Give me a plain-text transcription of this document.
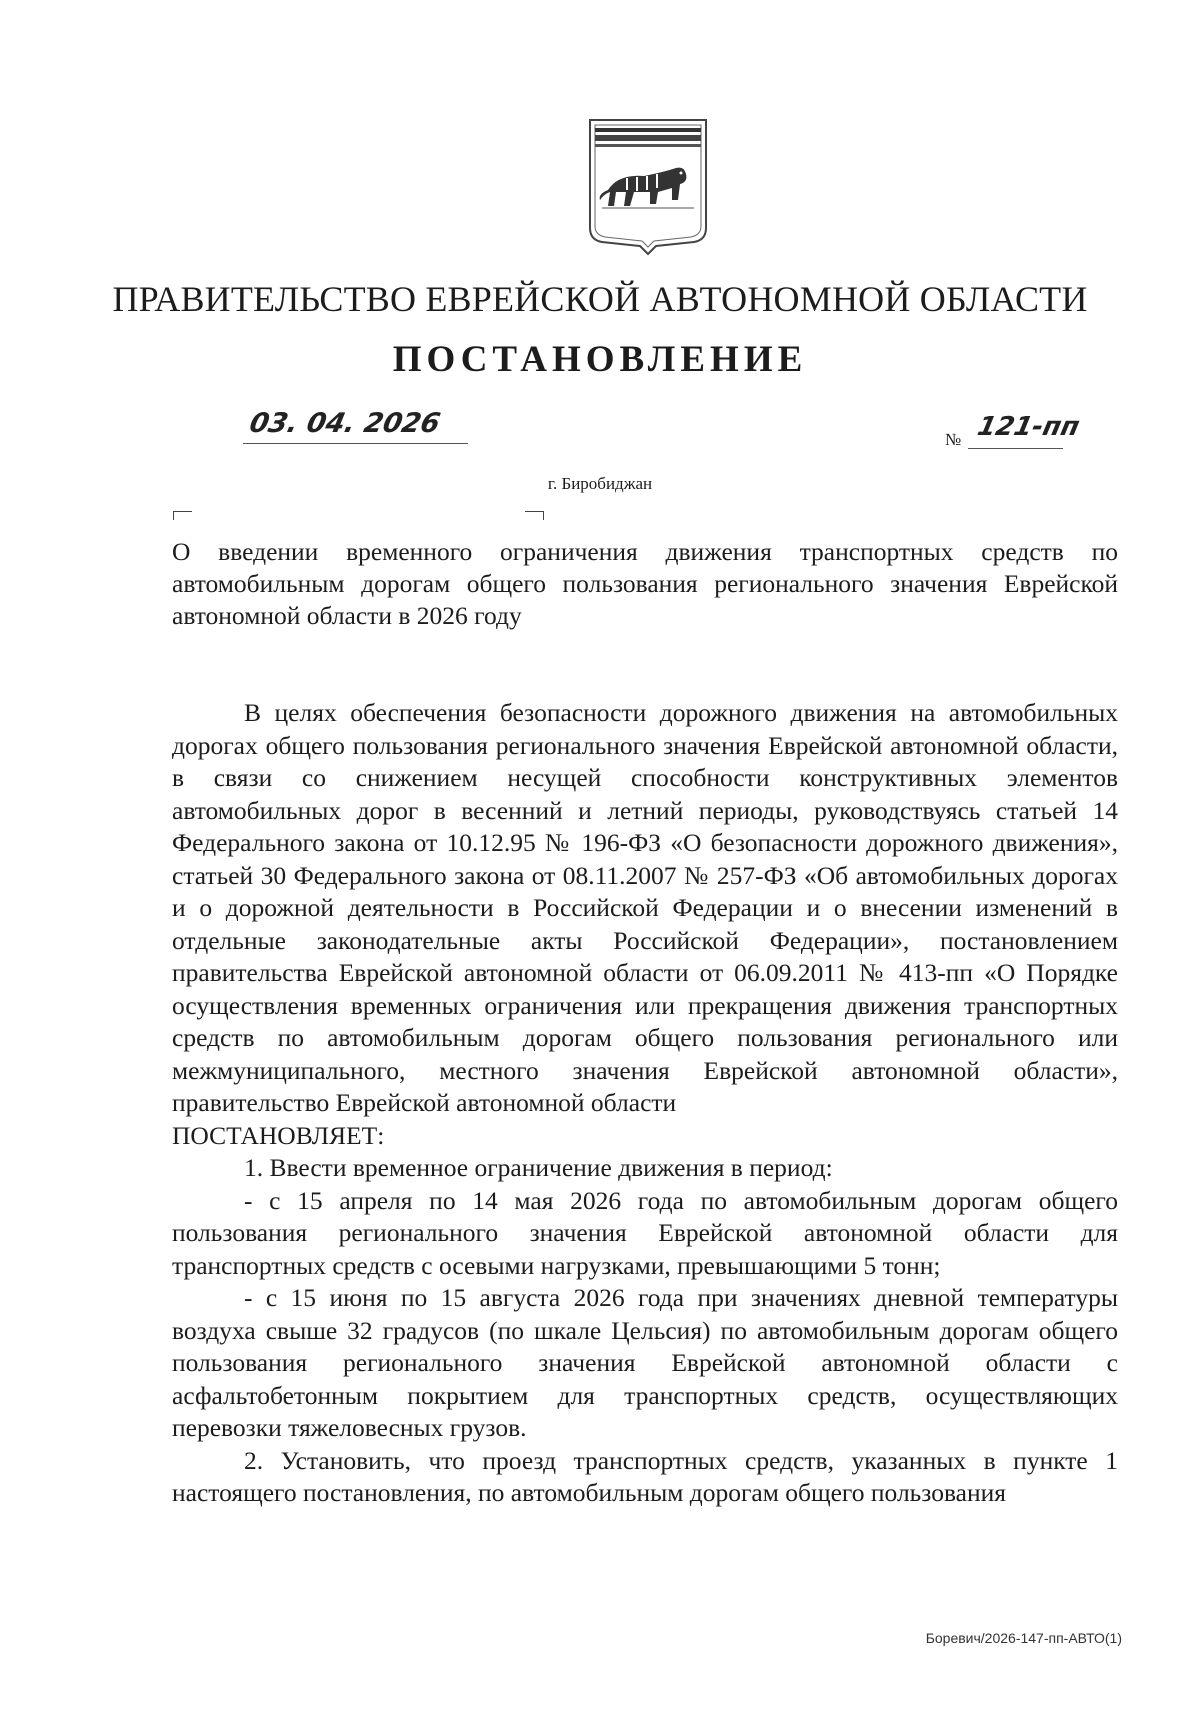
ПРАВИТЕЛЬСТВО ЕВРЕЙСКОЙ АВТОНОМНОЙ ОБЛАСТИ
ПОСТАНОВЛЕНИЕ
03. 04. 2026
№ 121-пп
г. Биробиджан
О введении временного ограничения движения транспортных средств по автомобильным дорогам общего пользования регионального значения Еврейской автономной области в 2026 году

В целях обеспечения безопасности дорожного движения на автомобильных дорогах общего пользования регионального значения Еврейской автономной области, в связи со снижением несущей способности конструктивных элементов автомобильных дорог в весенний и летний периоды, руководствуясь статьей 14 Федерального закона от 10.12.95 № 196-ФЗ «О безопасности дорожного движения», статьей 30 Федерального закона от 08.11.2007 № 257-ФЗ «Об автомобильных дорогах и о дорожной деятельности в Российской Федерации и о внесении изменений в отдельные законодательные акты Российской Федерации», постановлением правительства Еврейской автономной области от 06.09.2011 № 413-пп «О Порядке осуществления временных ограничения или прекращения движения транспортных средств по автомобильным дорогам общего пользования регионального или межмуниципального, местного значения Еврейской автономной области», правительство Еврейской автономной области

ПОСТАНОВЛЯЕТ:

1. Ввести временное ограничение движения в период:

- с 15 апреля по 14 мая 2026 года по автомобильным дорогам общего пользования регионального значения Еврейской автономной области для транспортных средств с осевыми нагрузками, превышающими 5 тонн;

- с 15 июня по 15 августа 2026 года при значениях дневной температуры воздуха свыше 32 градусов (по шкале Цельсия) по автомобильным дорогам общего пользования регионального значения Еврейской автономной области с асфальтобетонным покрытием для транспортных средств, осуществляющих перевозки тяжеловесных грузов.

2. Установить, что проезд транспортных средств, указанных в пункте 1 настоящего постановления, по автомобильным дорогам общего пользования

Боревич/2026-147-пп-АВТО(1)
